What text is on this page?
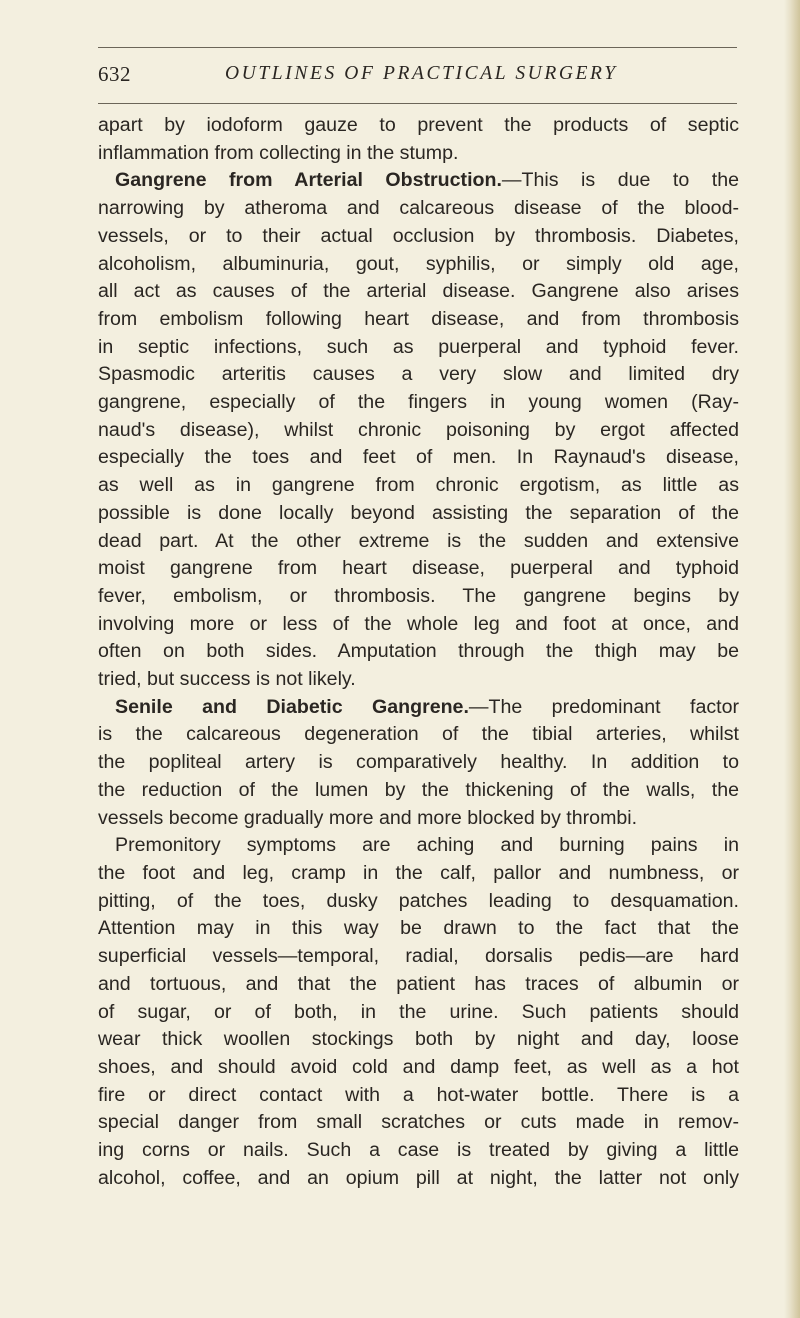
632	OUTLINES OF PRACTICAL SURGERY
apart by iodoform gauze to prevent the products of septic
inflammation from collecting in the stump.
Gangrene from Arterial Obstruction.—This is due to the
narrowing by atheroma and calcareous disease of the blood-
vessels, or to their actual occlusion by thrombosis. Diabetes,
alcoholism, albuminuria, gout, syphilis, or simply old age,
all act as causes of the arterial disease. Gangrene also arises
from embolism following heart disease, and from thrombosis
in septic infections, such as puerperal and typhoid fever.
Spasmodic arteritis causes a very slow and limited dry
gangrene, especially of the fingers in young women (Ray-
naud's disease), whilst chronic poisoning by ergot affected
especially the toes and feet of men. In Raynaud's disease,
as well as in gangrene from chronic ergotism, as little as
possible is done locally beyond assisting the separation of the
dead part. At the other extreme is the sudden and extensive
moist gangrene from heart disease, puerperal and typhoid
fever, embolism, or thrombosis. The gangrene begins by
involving more or less of the whole leg and foot at once, and
often on both sides. Amputation through the thigh may be
tried, but success is not likely.
Senile and Diabetic Gangrene.—The predominant factor
is the calcareous degeneration of the tibial arteries, whilst
the popliteal artery is comparatively healthy. In addition to
the reduction of the lumen by the thickening of the walls, the
vessels become gradually more and more blocked by thrombi.
Premonitory symptoms are aching and burning pains in
the foot and leg, cramp in the calf, pallor and numbness, or
pitting, of the toes, dusky patches leading to desquamation.
Attention may in this way be drawn to the fact that the
superficial vessels—temporal, radial, dorsalis pedis—are hard
and tortuous, and that the patient has traces of albumin or
of sugar, or of both, in the urine. Such patients should
wear thick woollen stockings both by night and day, loose
shoes, and should avoid cold and damp feet, as well as a hot
fire or direct contact with a hot-water bottle. There is a
special danger from small scratches or cuts made in remov-
ing corns or nails. Such a case is treated by giving a little
alcohol, coffee, and an opium pill at night, the latter not only
